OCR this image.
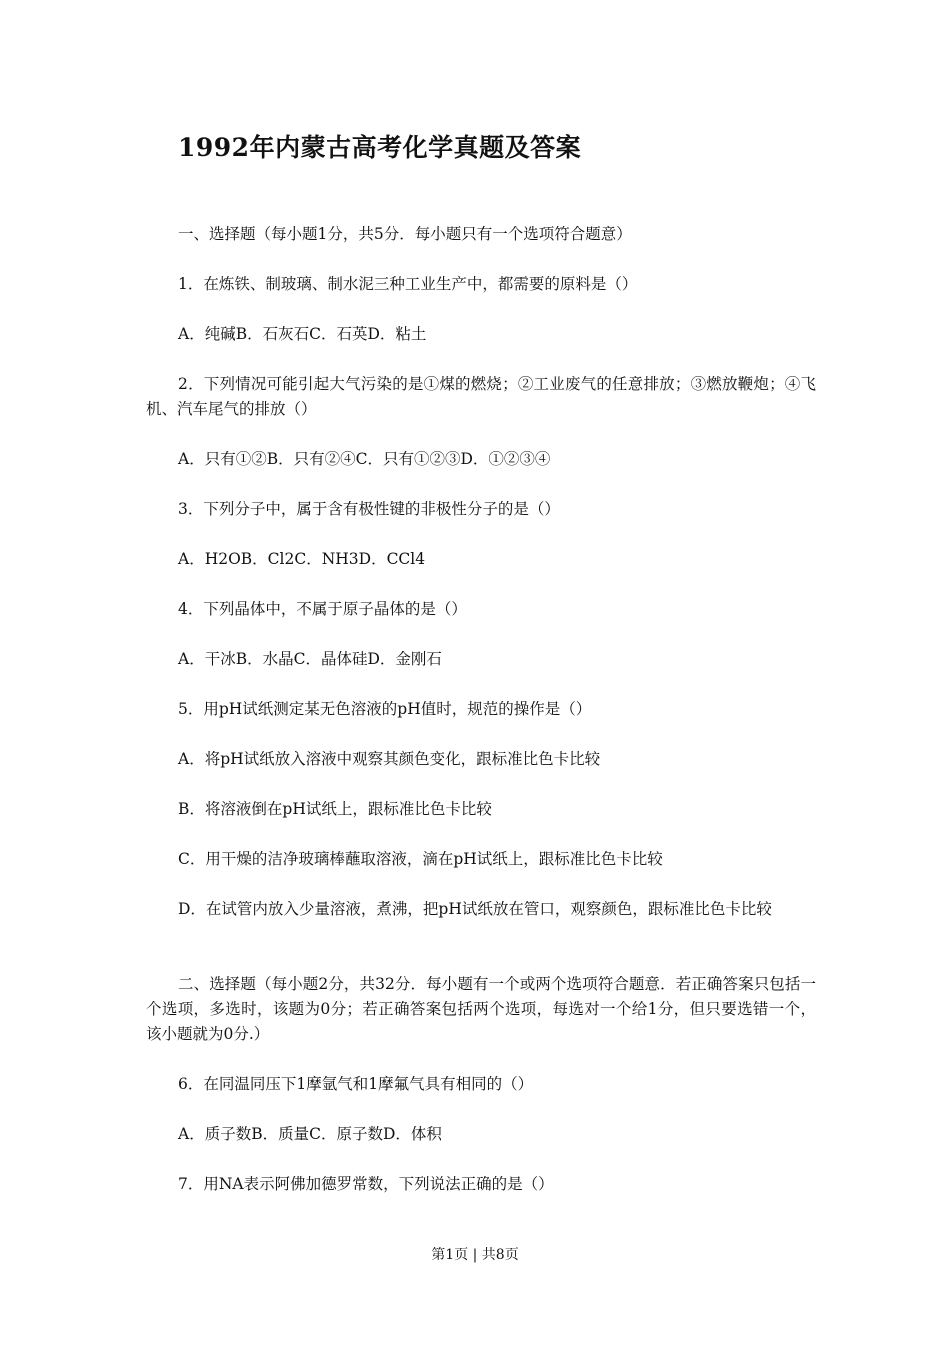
1992年内蒙古高考化学真题及答案
一、选择题（每小题1分，共5分．每小题只有一个选项符合题意）
1．在炼铁、制玻璃、制水泥三种工业生产中，都需要的原料是（）
A．纯碱B．石灰石C．石英D．粘土
2．下列情况可能引起大气污染的是①煤的燃烧；②工业废气的任意排放；③燃放鞭炮；④飞机、汽车尾气的排放（）
A．只有①②B．只有②④C．只有①②③D．①②③④
3．下列分子中，属于含有极性键的非极性分子的是（）
A．H2OB．Cl2C．NH3D．CCl4
4．下列晶体中，不属于原子晶体的是（）
A．干冰B．水晶C．晶体硅D．金刚石
5．用pH试纸测定某无色溶液的pH值时，规范的操作是（）
A．将pH试纸放入溶液中观察其颜色变化，跟标准比色卡比较
B．将溶液倒在pH试纸上，跟标准比色卡比较
C．用干燥的洁净玻璃棒蘸取溶液，滴在pH试纸上，跟标准比色卡比较
D．在试管内放入少量溶液，煮沸，把pH试纸放在管口，观察颜色，跟标准比色卡比较
二、选择题（每小题2分，共32分．每小题有一个或两个选项符合题意．若正确答案只包括一个选项，多选时，该题为0分；若正确答案包括两个选项，每选对一个给1分，但只要选错一个，该小题就为0分.）
6．在同温同压下1摩氩气和1摩氟气具有相同的（）
A．质子数B．质量C．原子数D．体积
7．用NA表示阿佛加德罗常数，下列说法正确的是（）
第1页 | 共8页
